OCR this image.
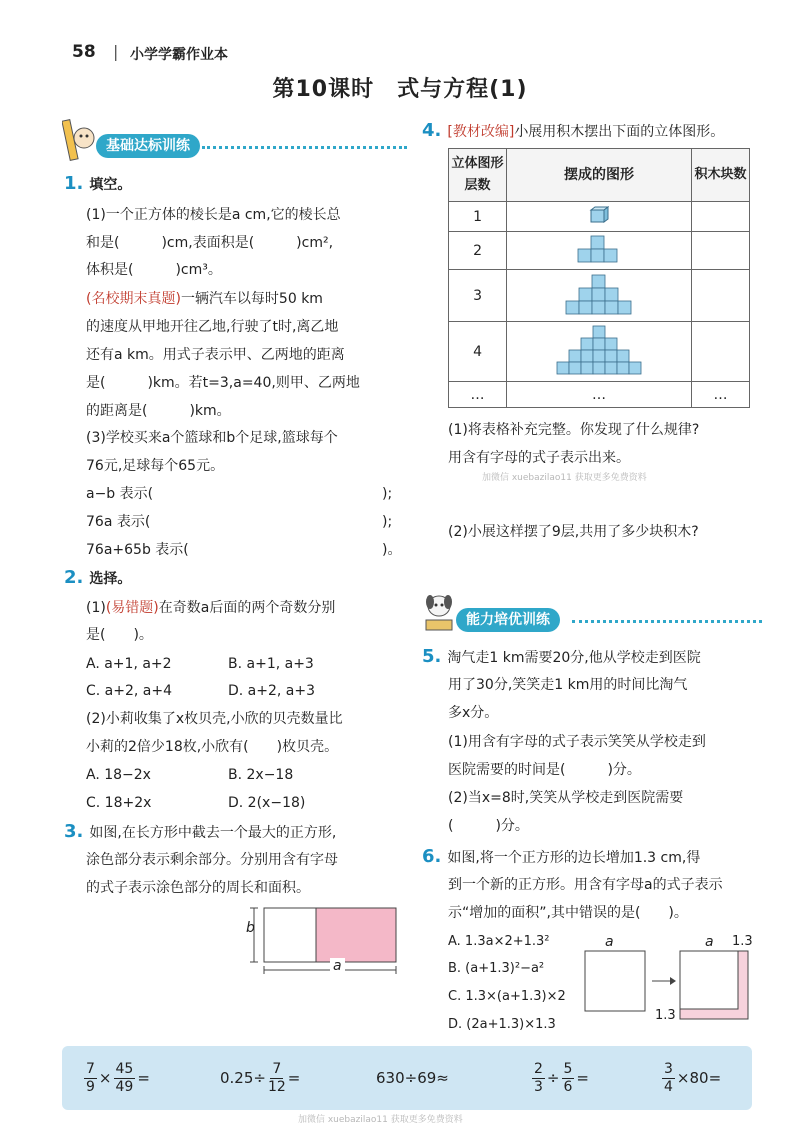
58 | 小学学霸作业本
第10课时　式与方程(1)
基础达标训练
1. 填空。
(1)一个正方体的棱长是a cm,它的棱长总
和是(　　　)cm,表面积是(　　　)cm²,
体积是(　　　)cm³。
(名校期末真题)一辆汽车以每时50 km
的速度从甲地开往乙地,行驶了t时,离乙地
还有a km。用式子表示甲、乙两地的距离
是(　　　)km。若t=3,a=40,则甲、乙两地
的距离是(　　　)km。
(3)学校买来a个篮球和b个足球,篮球每个
76元,足球每个65元。
a−b 表示(	);
76a 表示(	);
76a+65b 表示(	)。
2. 选择。
(1)(易错题)在奇数a后面的两个奇数分别
是(　　)。
A. a+1, a+2	B. a+1, a+3
C. a+2, a+4	D. a+2, a+3
(2)小莉收集了x枚贝壳,小欣的贝壳数量比
小莉的2倍少18枚,小欣有(　　)枚贝壳。
A. 18−2x	B. 2x−18
C. 18+2x	D. 2(x−18)
3. 如图,在长方形中截去一个最大的正方形,
涂色部分表示剩余部分。分别用含有字母
的式子表示涂色部分的周长和面积。
b
a
4. [教材改编]小展用积木摆出下面的立体图形。
立体图形层数	摆成的图形	积木块数
1		
2		
3		
4		
…	…	…
(1)将表格补充完整。你发现了什么规律?
用含有字母的式子表示出来。
加微信 xuebazilao11 获取更多免费资料
(2)小展这样摆了9层,共用了多少块积木?
能力培优训练
5. 淘气走1 km需要20分,他从学校走到医院
用了30分,笑笑走1 km用的时间比淘气
多x分。
(1)用含有字母的式子表示笑笑从学校走到
医院需要的时间是(　　　)分。
(2)当x=8时,笑笑从学校走到医院需要
(　　　)分。
6. 如图,将一个正方形的边长增加1.3 cm,得
到一个新的正方形。用含有字母a的式子表示
示“增加的面积”,其中错误的是(　　)。
A. 1.3a×2+1.3²
B. (a+1.3)²−a²
C. 1.3×(a+1.3)×2
D. (2a+1.3)×1.3
a	a 1.3
1.3
$\frac{7}{9} \times \frac{45}{49}$ =	$0.25\div \frac{7}{12}$ =	630÷69≈	$\frac{2}{3} \div \frac{5}{6}$ =	$\frac{3}{4} \times 80=$
加微信 xuebazilao11 获取更多免费资料
